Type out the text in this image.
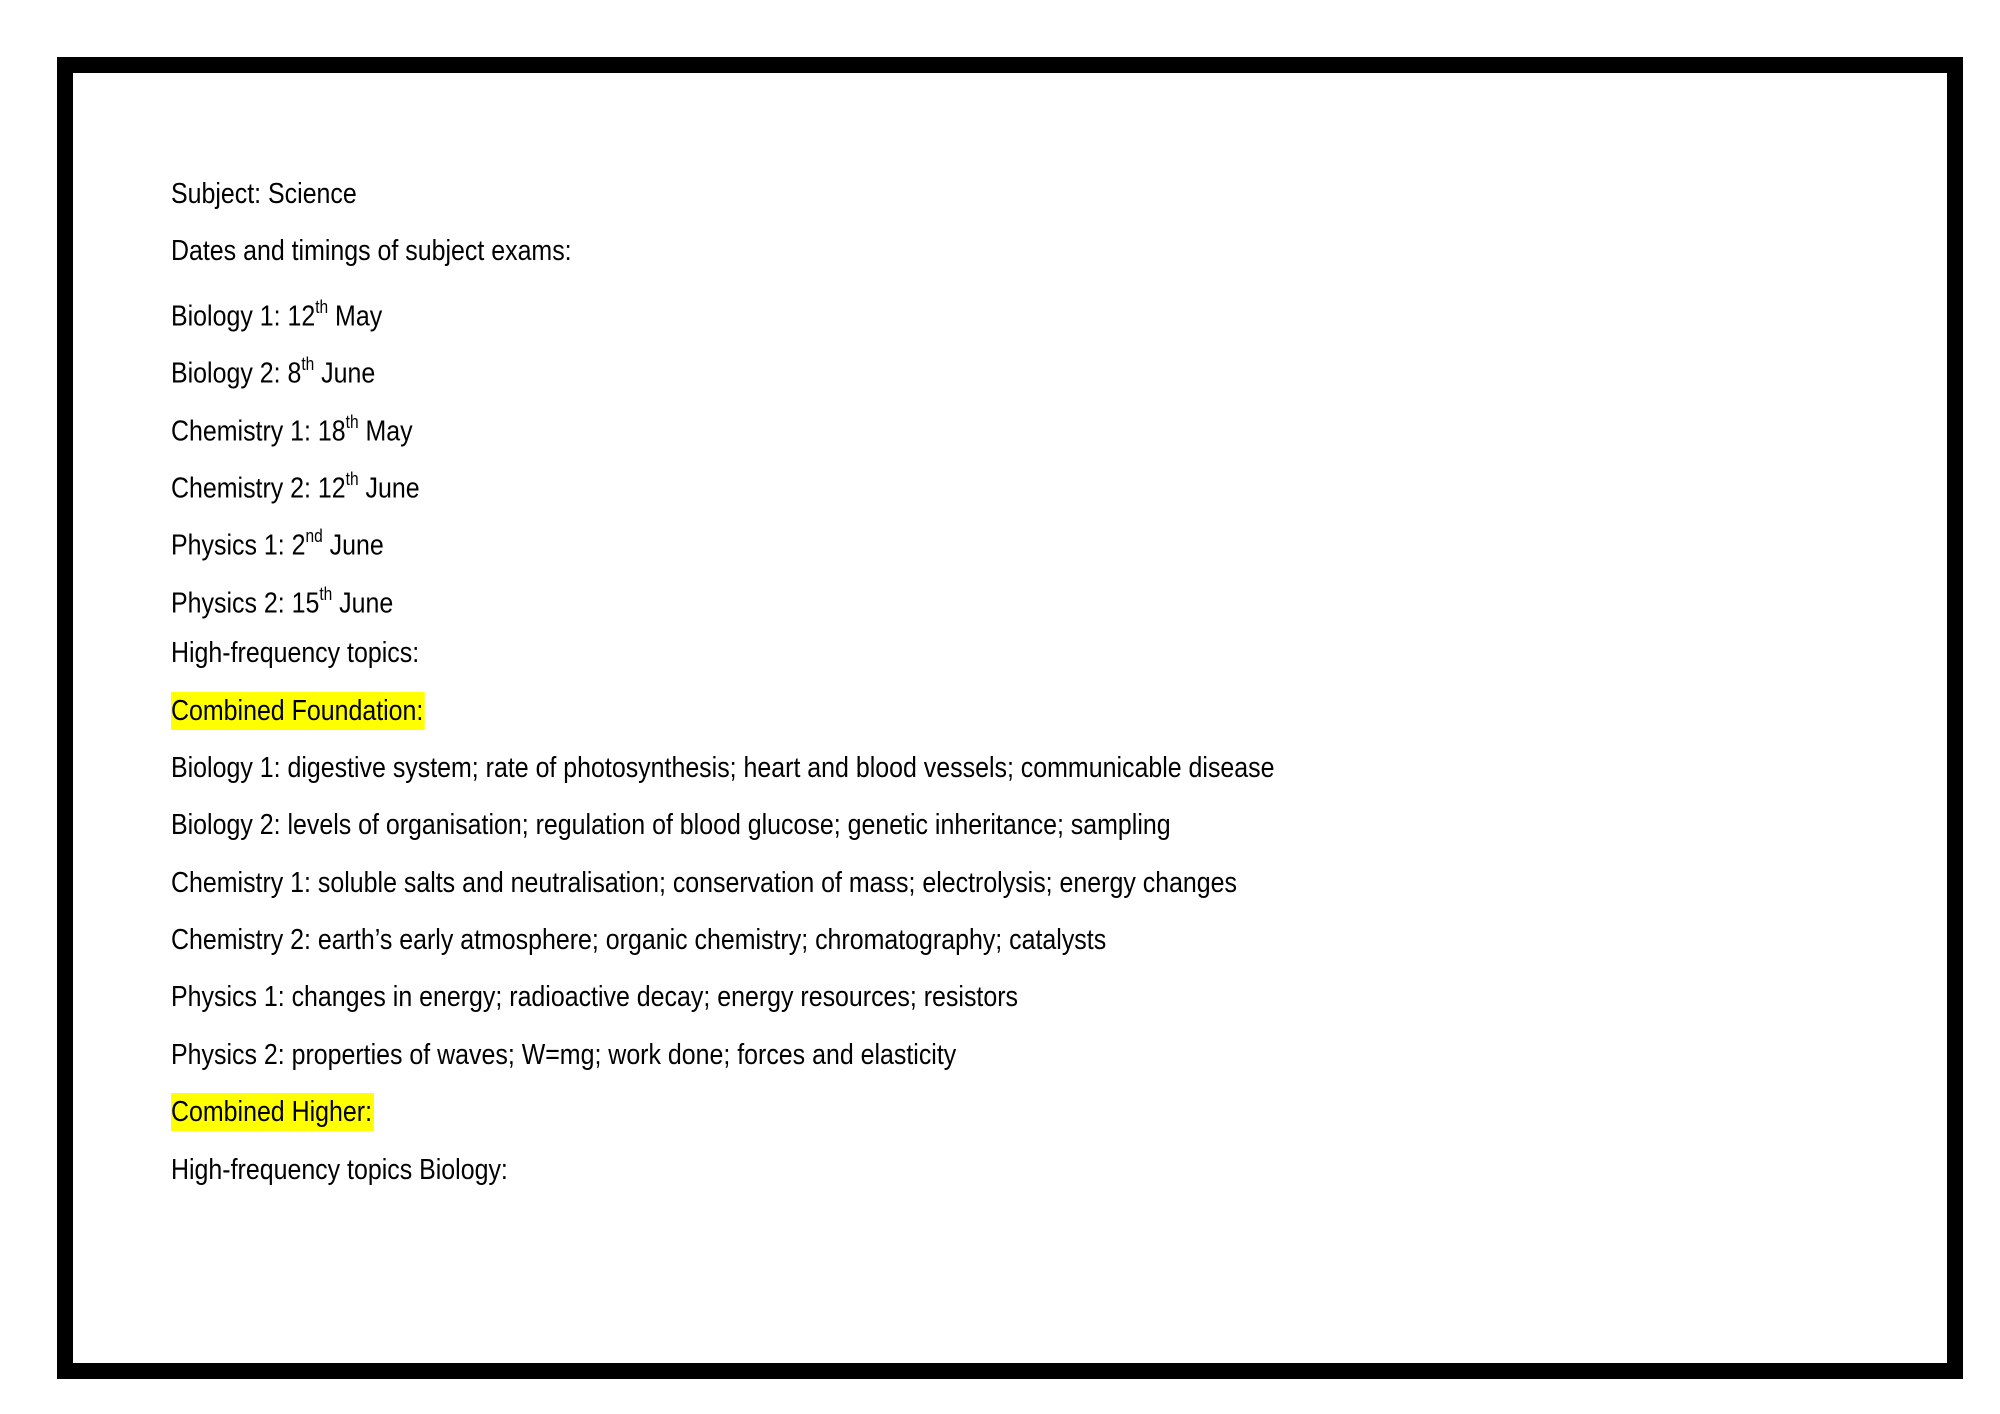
Subject: Science
Dates and timings of subject exams:
Biology 1: 12th May
Biology 2: 8th June
Chemistry 1: 18th May
Chemistry 2: 12th June
Physics 1: 2nd June
Physics 2: 15th June
High-frequency topics:
Combined Foundation:
Biology 1: digestive system; rate of photosynthesis; heart and blood vessels; communicable disease
Biology 2: levels of organisation; regulation of blood glucose; genetic inheritance; sampling
Chemistry 1: soluble salts and neutralisation; conservation of mass; electrolysis; energy changes
Chemistry 2: earth’s early atmosphere; organic chemistry; chromatography; catalysts
Physics 1: changes in energy; radioactive decay; energy resources; resistors
Physics 2: properties of waves; W=mg; work done; forces and elasticity
Combined Higher:
High-frequency topics Biology:
